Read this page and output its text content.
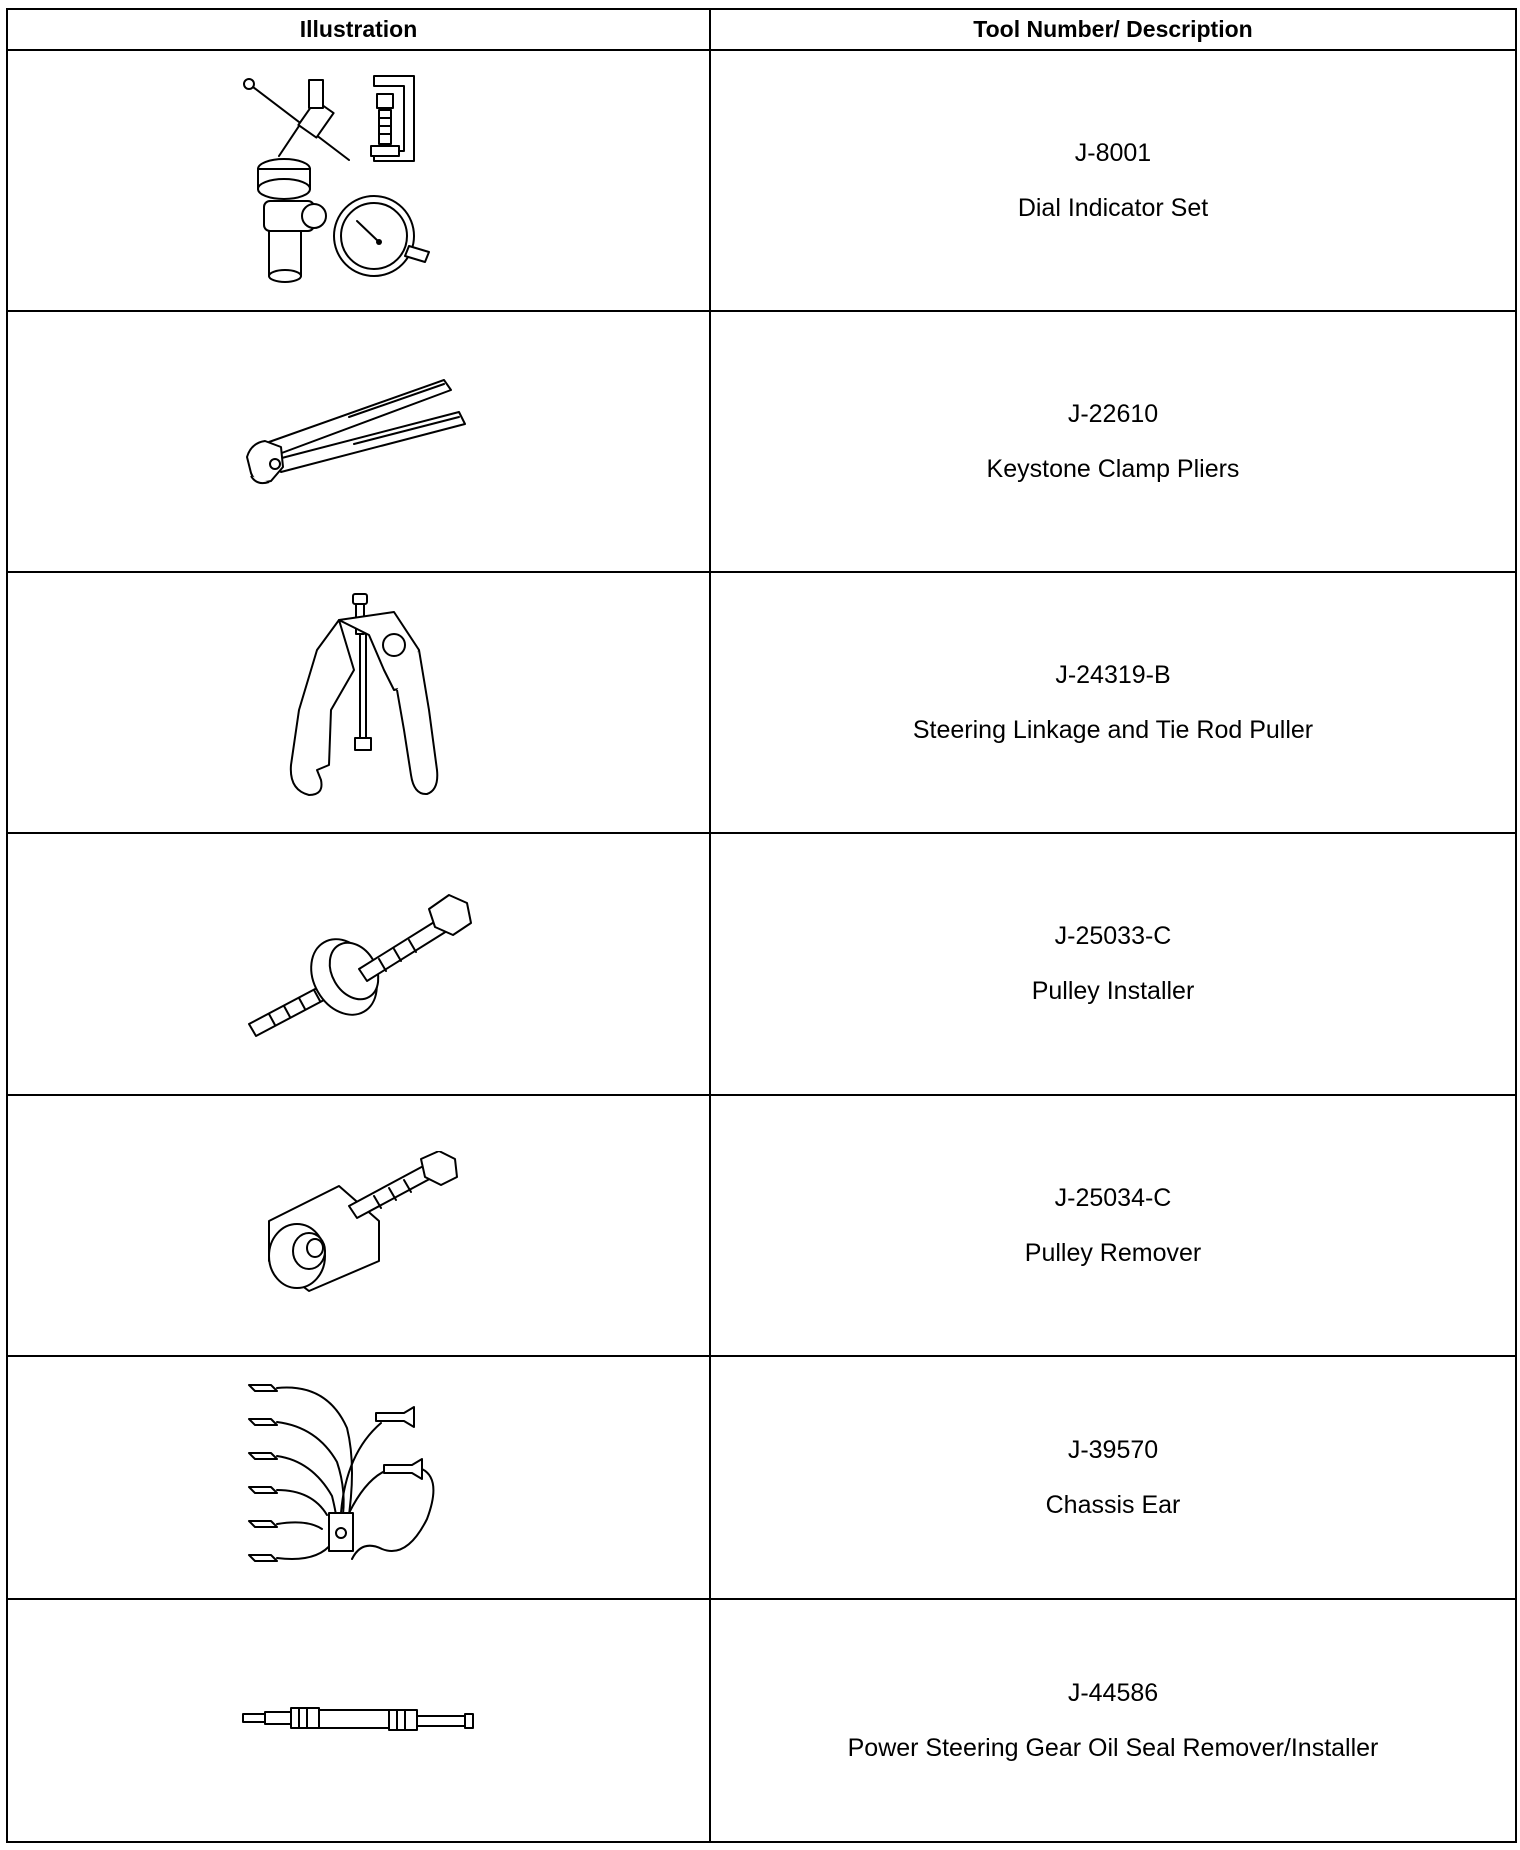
Illustration	Tool Number/ Description

J-8001
Dial Indicator Set

J-22610
Keystone Clamp Pliers

J-24319-B
Steering Linkage and Tie Rod Puller

J-25033-C
Pulley Installer

J-25034-C
Pulley Remover

J-39570
Chassis Ear

J-44586
Power Steering Gear Oil Seal Remover/Installer
